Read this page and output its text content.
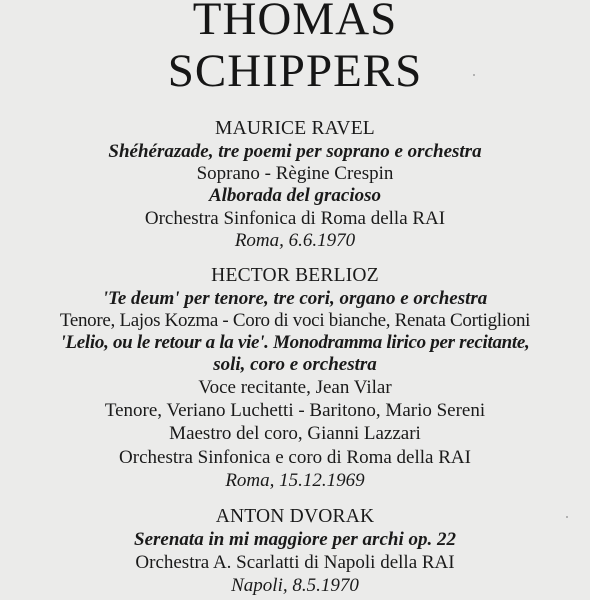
THOMAS
SCHIPPERS
MAURICE RAVEL
Shéhérazade, tre poemi per soprano e orchestra
Soprano - Règine Crespin
Alborada del gracioso
Orchestra Sinfonica di Roma della RAI
Roma, 6.6.1970
HECTOR BERLIOZ
'Te deum' per tenore, tre cori, organo e orchestra
Tenore, Lajos Kozma - Coro di voci bianche, Renata Cortiglioni
'Lelio, ou le retour a la vie'. Monodramma lirico per recitante,
soli, coro e orchestra
Voce recitante, Jean Vilar
Tenore, Veriano Luchetti - Baritono, Mario Sereni
Maestro del coro, Gianni Lazzari
Orchestra Sinfonica e coro di Roma della RAI
Roma, 15.12.1969
ANTON DVORAK
Serenata in mi maggiore per archi op. 22
Orchestra A. Scarlatti di Napoli della RAI
Napoli, 8.5.1970
